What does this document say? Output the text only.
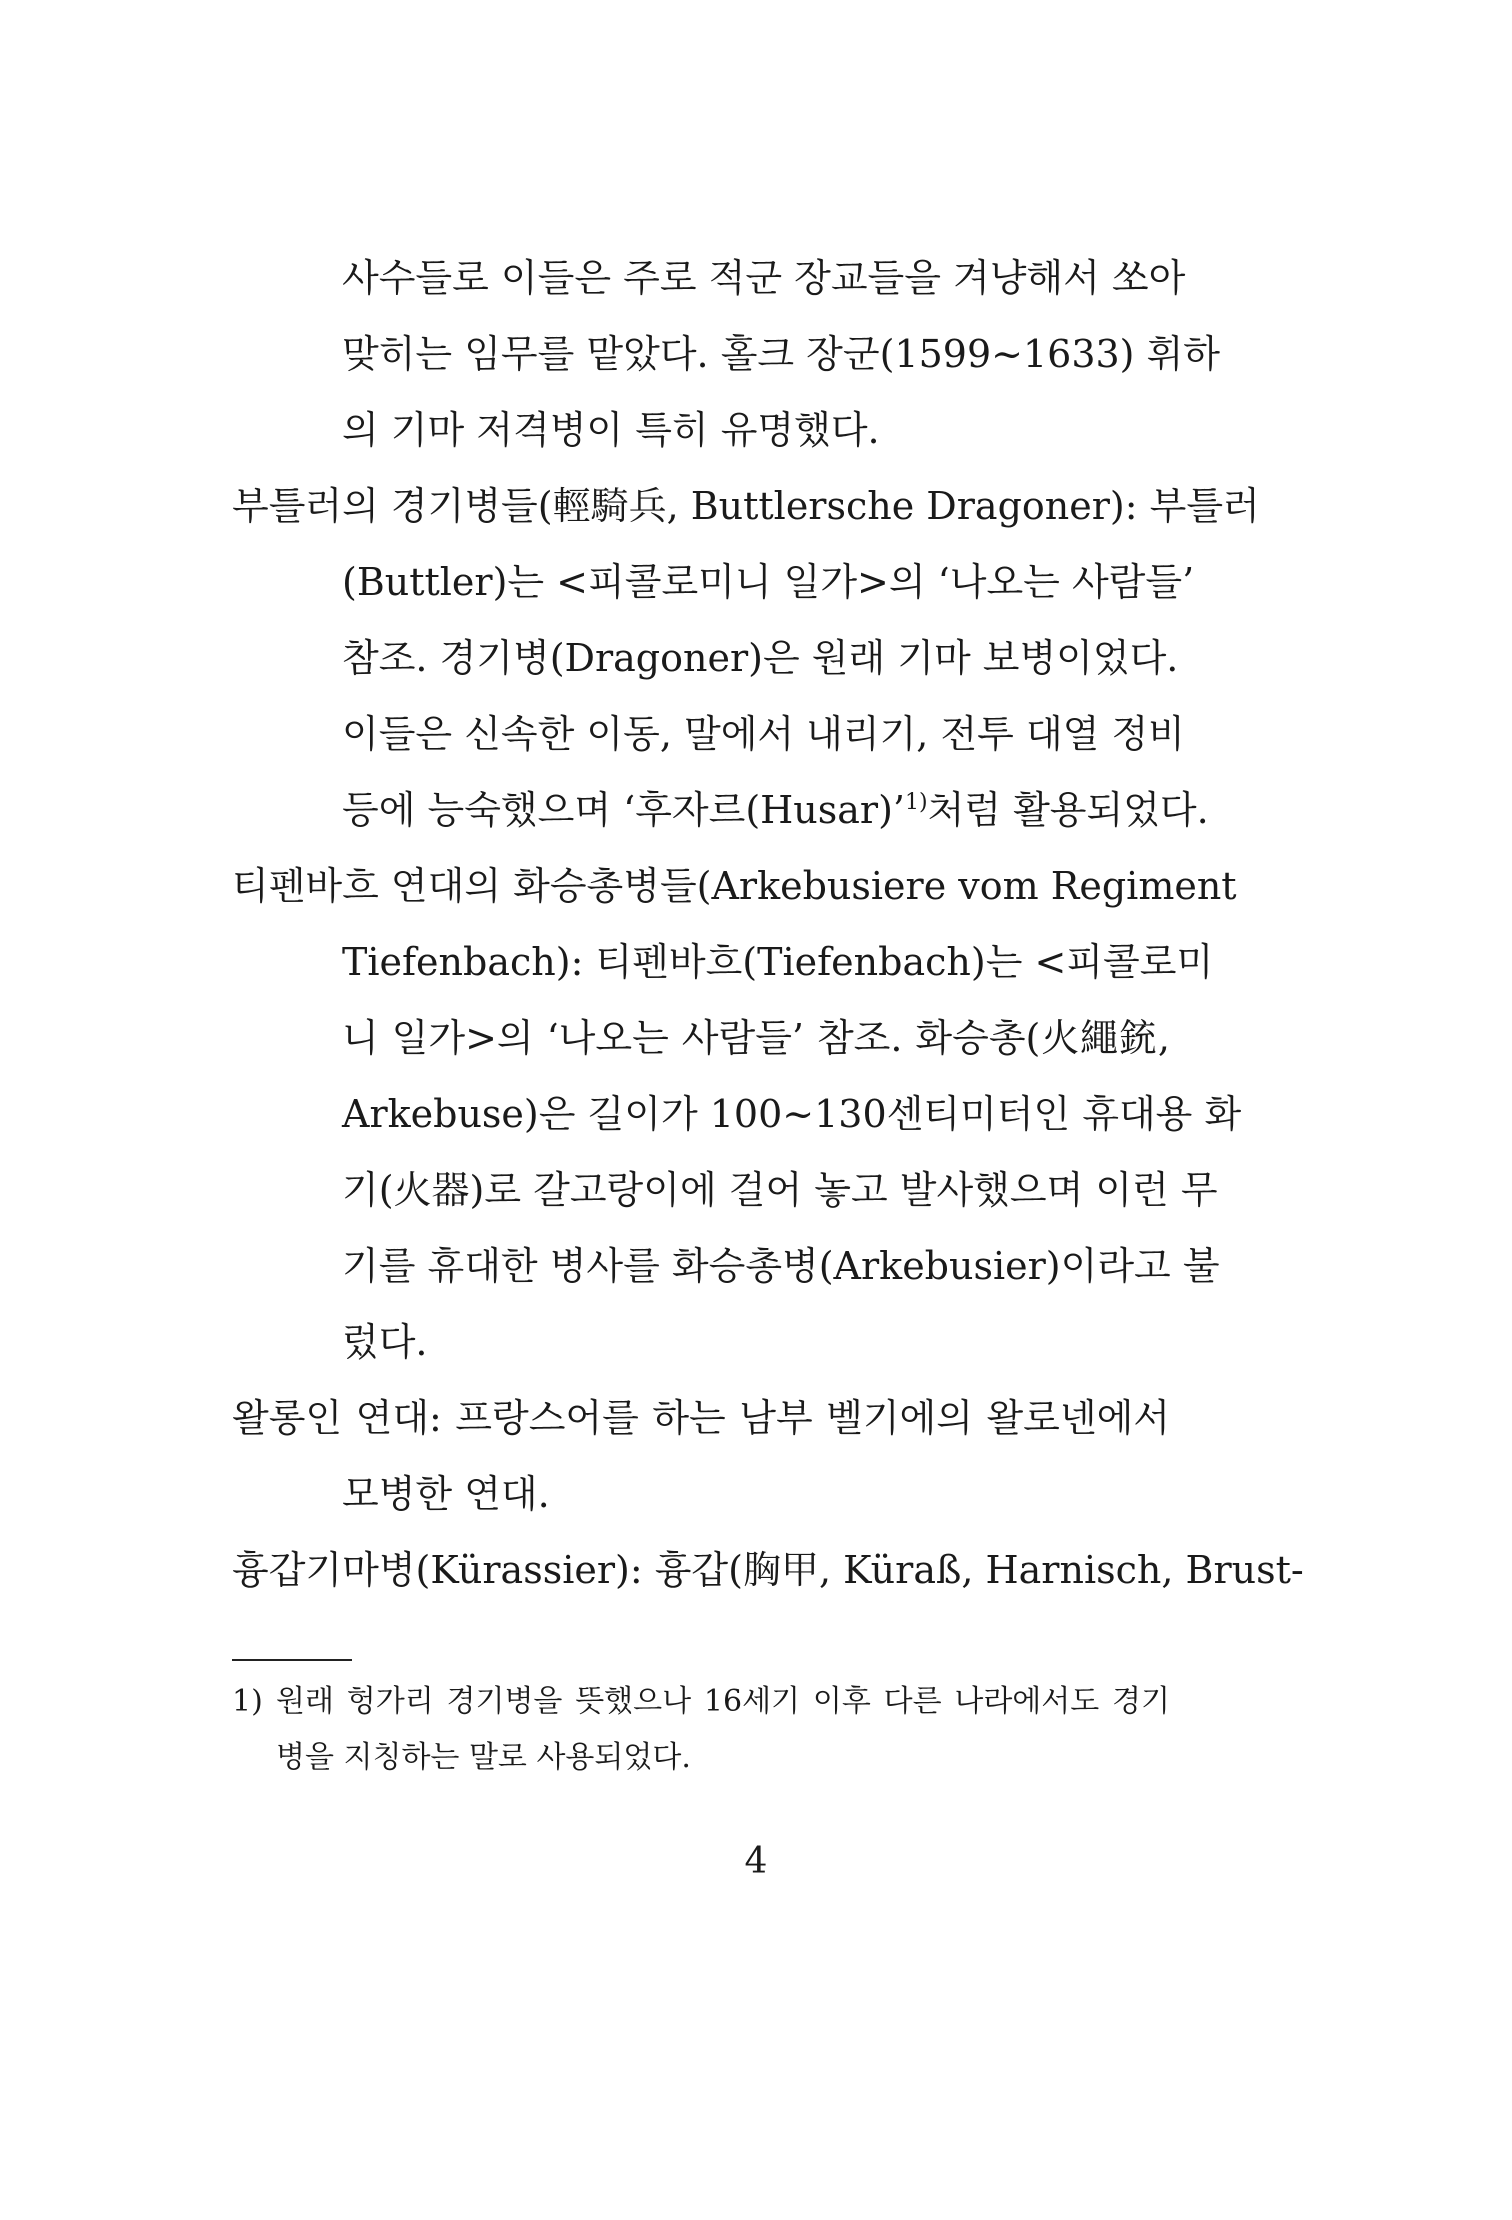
사수들로 이들은 주로 적군 장교들을 겨냥해서 쏘아
맞히는 임무를 맡았다. 홀크 장군(1599~1633) 휘하
의 기마 저격병이 특히 유명했다.
부틀러의 경기병들(輕騎兵, Buttlersche Dragoner): 부틀러
(Buttler)는 <피콜로미니 일가>의 ‘나오는 사람들’
참조. 경기병(Dragoner)은 원래 기마 보병이었다.
이들은 신속한 이동, 말에서 내리기, 전투 대열 정비
등에 능숙했으며 ‘후자르(Husar)’$^{1)}$처럼 활용되었다.
티펜바흐 연대의 화승총병들(Arkebusiere vom Regiment
Tiefenbach): 티펜바흐(Tiefenbach)는 <피콜로미
니 일가>의 ‘나오는 사람들’ 참조. 화승총(火繩銃,
Arkebuse)은 길이가 100~130센티미터인 휴대용 화
기(火器)로 갈고랑이에 걸어 놓고 발사했으며 이런 무
기를 휴대한 병사를 화승총병(Arkebusier)이라고 불
렀다.
왈롱인 연대: 프랑스어를 하는 남부 벨기에의 왈로넨에서
모병한 연대.
흉갑기마병(Kürassier): 흉갑(胸甲, Küraß, Harnisch, Brust-
1) 원래 헝가리 경기병을 뜻했으나 16세기 이후 다른 나라에서도 경기
병을 지칭하는 말로 사용되었다.
4
